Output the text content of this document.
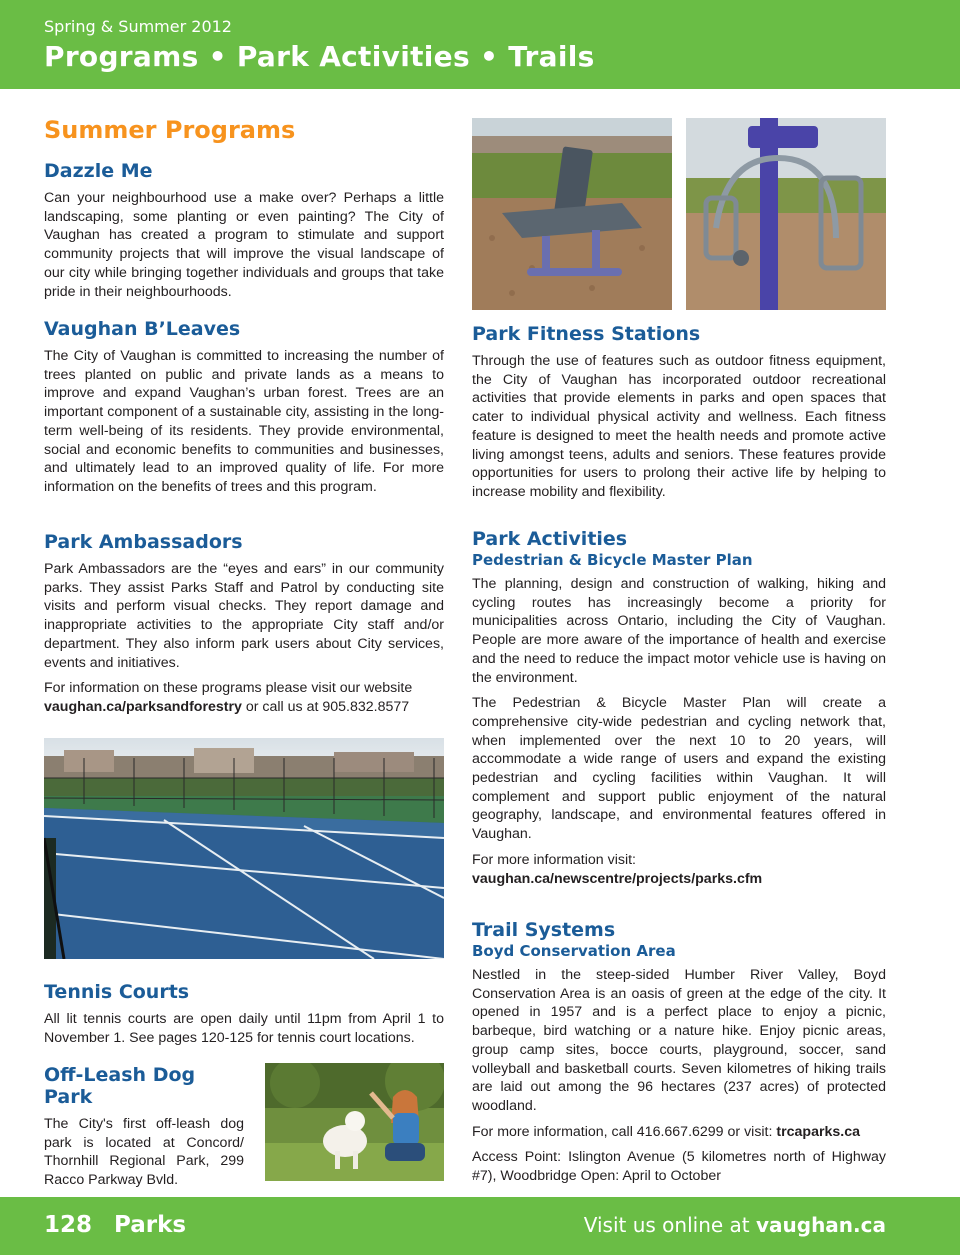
Spring & Summer 2012
Programs • Park Activities • Trails
Summer Programs
Dazzle Me

Can your neighbourhood use a make over? Perhaps a little landscaping, some planting or even painting? The City of Vaughan has created a program to stimulate and support community projects that will improve the visual landscape of our city while bringing together individuals and groups that take pride in their neighbourhoods.

Vaughan B’Leaves

The City of Vaughan is committed to increasing the number of trees planted on public and private lands as a means to improve and expand Vaughan’s urban forest. Trees are an important component of a sustainable city, assisting in the long-term well-being of its residents. They provide environmental, social and economic benefits to communities and businesses, and ultimately lead to an improved quality of life. For more information on the benefits of trees and this program.

Park Ambassadors

Park Ambassadors are the “eyes and ears” in our community parks. They assist Parks Staff and Patrol by conducting site visits and perform visual checks. They report damage and inappropriate activities to the appropriate City staff and/or department. They also inform park users about City services, events and initiatives.

For information on these programs please visit our website vaughan.ca/parksandforestry or call us at 905.832.8577

Tennis Courts

All lit tennis courts are open daily until 11pm from April 1 to November 1. See pages 120-125 for tennis court locations.

Off-Leash Dog Park

The City's first off-leash dog park is located at Concord/ Thornhill Regional Park, 299 Racco Parkway Bvld.

Park Fitness Stations

Through the use of features such as outdoor fitness equipment, the City of Vaughan has incorporated outdoor recreational activities that provide elements in parks and open spaces that cater to individual physical activity and wellness. Each fitness feature is designed to meet the health needs and promote active living amongst teens, adults and seniors. These features provide opportunities for users to prolong their active life by helping to increase mobility and flexibility.

Park Activities
Pedestrian & Bicycle Master Plan

The planning, design and construction of walking, hiking and cycling routes has increasingly become a priority for municipalities across Ontario, including the City of Vaughan. People are more aware of the importance of health and exercise and the need to reduce the impact motor vehicle use is having on the environment.

The Pedestrian & Bicycle Master Plan will create a comprehensive city-wide pedestrian and cycling network that, when implemented over the next 10 to 20 years, will accommodate a wide range of users and expand the existing pedestrian and cycling facilities within Vaughan. It will complement and support public enjoyment of the natural geography, landscape, and environmental features offered in Vaughan.

For more information visit:

vaughan.ca/newscentre/projects/parks.cfm

Trail Systems
Boyd Conservation Area

Nestled in the steep-sided Humber River Valley, Boyd Conservation Area is an oasis of green at the edge of the city. It opened in 1957 and is a perfect place to enjoy a picnic, barbeque, bird watching or a nature hike. Enjoy picnic areas, group camp sites, bocce courts, playground, soccer, sand volleyball and basketball courts. Seven kilometres of hiking trails are laid out among the 96 hectares (237 acres) of protected woodland.

For more information, call 416.667.6299 or visit: trcaparks.ca

Access Point: Islington Avenue (5 kilometres north of Highway #7), Woodbridge Open: April to October

128 Parks	Visit us online at vaughan.ca
